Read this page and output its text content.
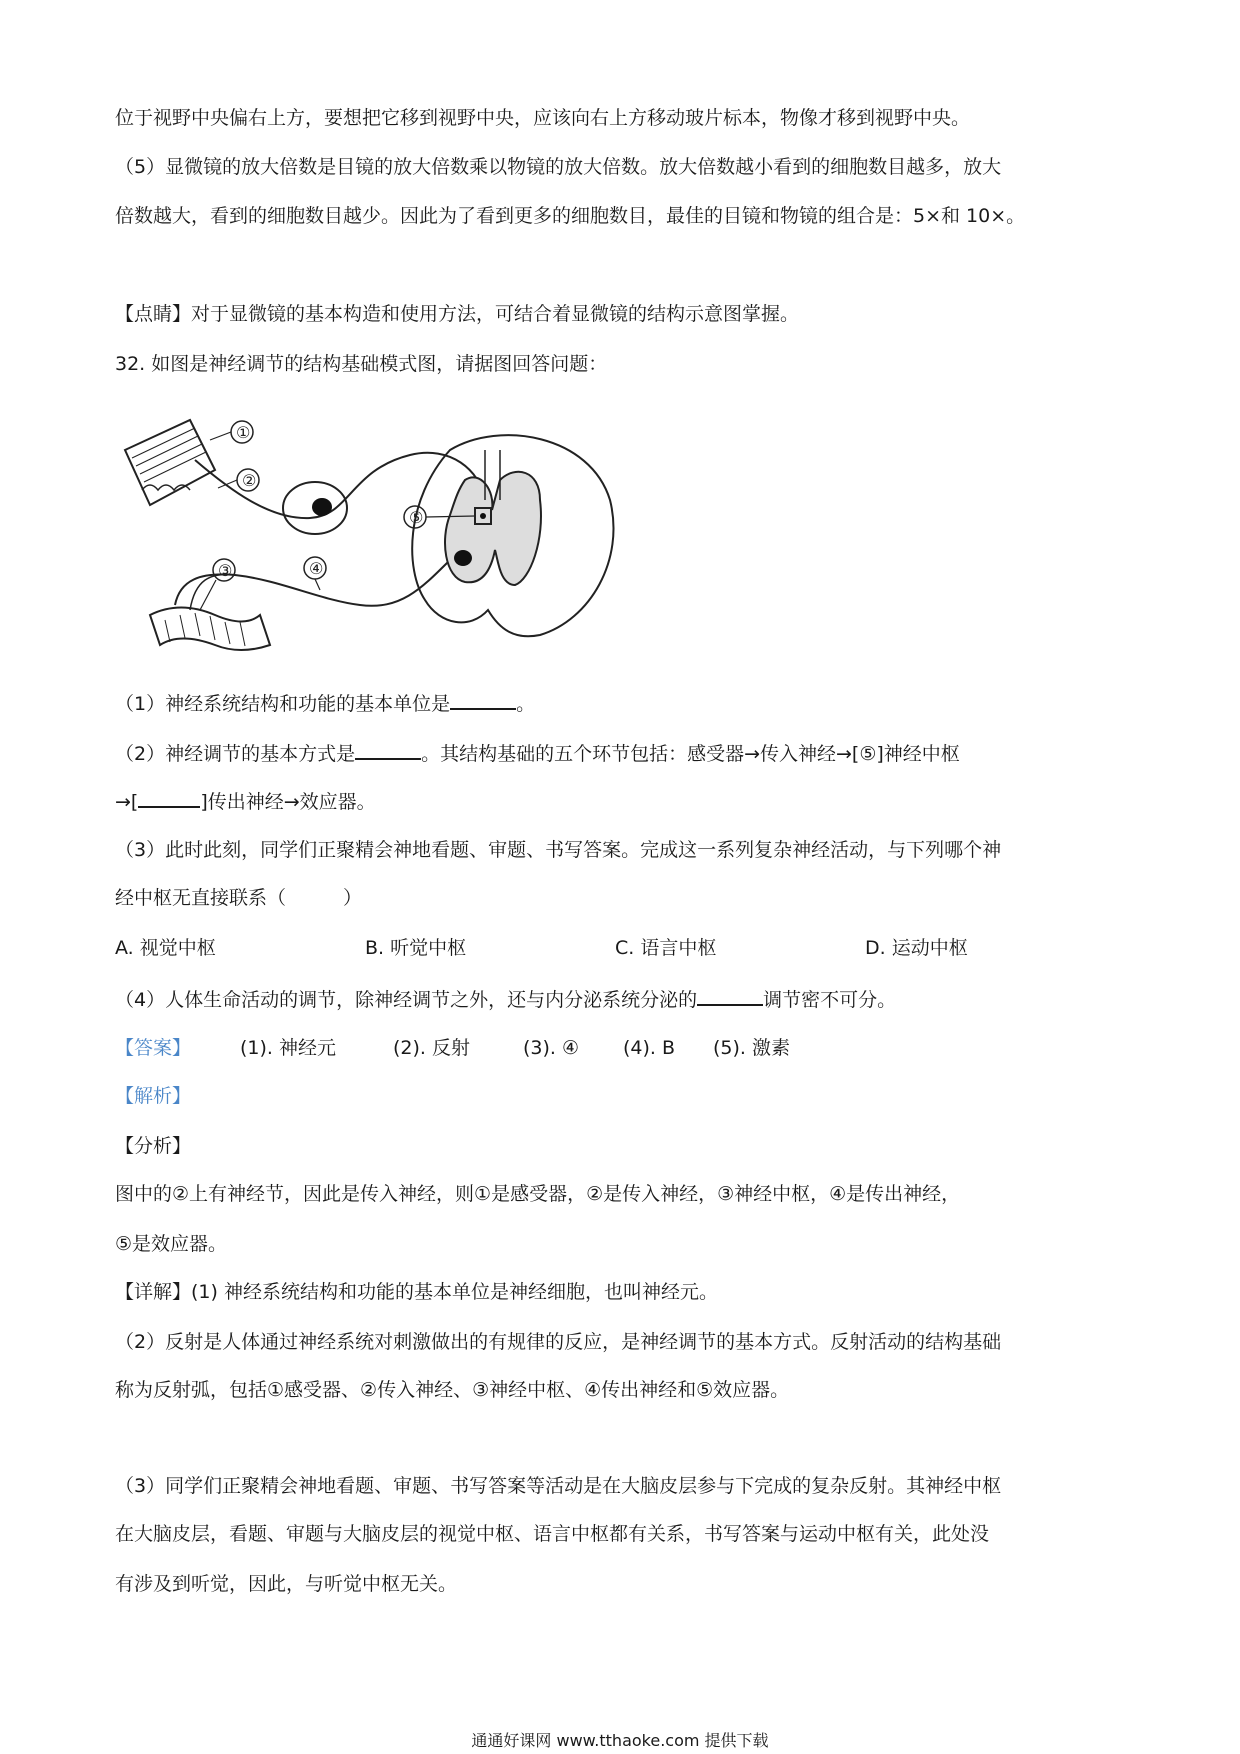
位于视野中央偏右上方，要想把它移到视野中央，应该向右上方移动玻片标本，物像才移到视野中央。
（5）显微镜的放大倍数是目镜的放大倍数乘以物镜的放大倍数。放大倍数越小看到的细胞数目越多，放大
倍数越大，看到的细胞数目越少。因此为了看到更多的细胞数目，最佳的目镜和物镜的组合是：5×和 10×。
【点睛】对于显微镜的基本构造和使用方法，可结合着显微镜的结构示意图掌握。
32. 如图是神经调节的结构基础模式图，请据图回答问题：
①
②
③	④
⑤
（1）神经系统结构和功能的基本单位是	。
（2）神经调节的基本方式是	。其结构基础的五个环节包括：感受器→传入神经→[⑤]神经中枢
→[	]传出神经→效应器。
（3）此时此刻，同学们正聚精会神地看题、审题、书写答案。完成这一系列复杂神经活动，与下列哪个神
经中枢无直接联系（　　　）
A. 视觉中枢	B. 听觉中枢	C. 语言中枢	D. 运动中枢
（4）人体生命活动的调节，除神经调节之外，还与内分泌系统分泌的	调节密不可分。
【答案】	(1). 神经元	(2). 反射	(3). ④ (4). B (5). 激素
【解析】
【分析】
图中的②上有神经节，因此是传入神经，则①是感受器，②是传入神经，③神经中枢，④是传出神经，
⑤是效应器。
【详解】(1) 神经系统结构和功能的基本单位是神经细胞，也叫神经元。
（2）反射是人体通过神经系统对刺激做出的有规律的反应，是神经调节的基本方式。反射活动的结构基础
称为反射弧，包括①感受器、②传入神经、③神经中枢、④传出神经和⑤效应器。
（3）同学们正聚精会神地看题、审题、书写答案等活动是在大脑皮层参与下完成的复杂反射。其神经中枢
在大脑皮层，看题、审题与大脑皮层的视觉中枢、语言中枢都有关系，书写答案与运动中枢有关，此处没
有涉及到听觉，因此，与听觉中枢无关。
通通好课网 www.tthaoke.com 提供下载
